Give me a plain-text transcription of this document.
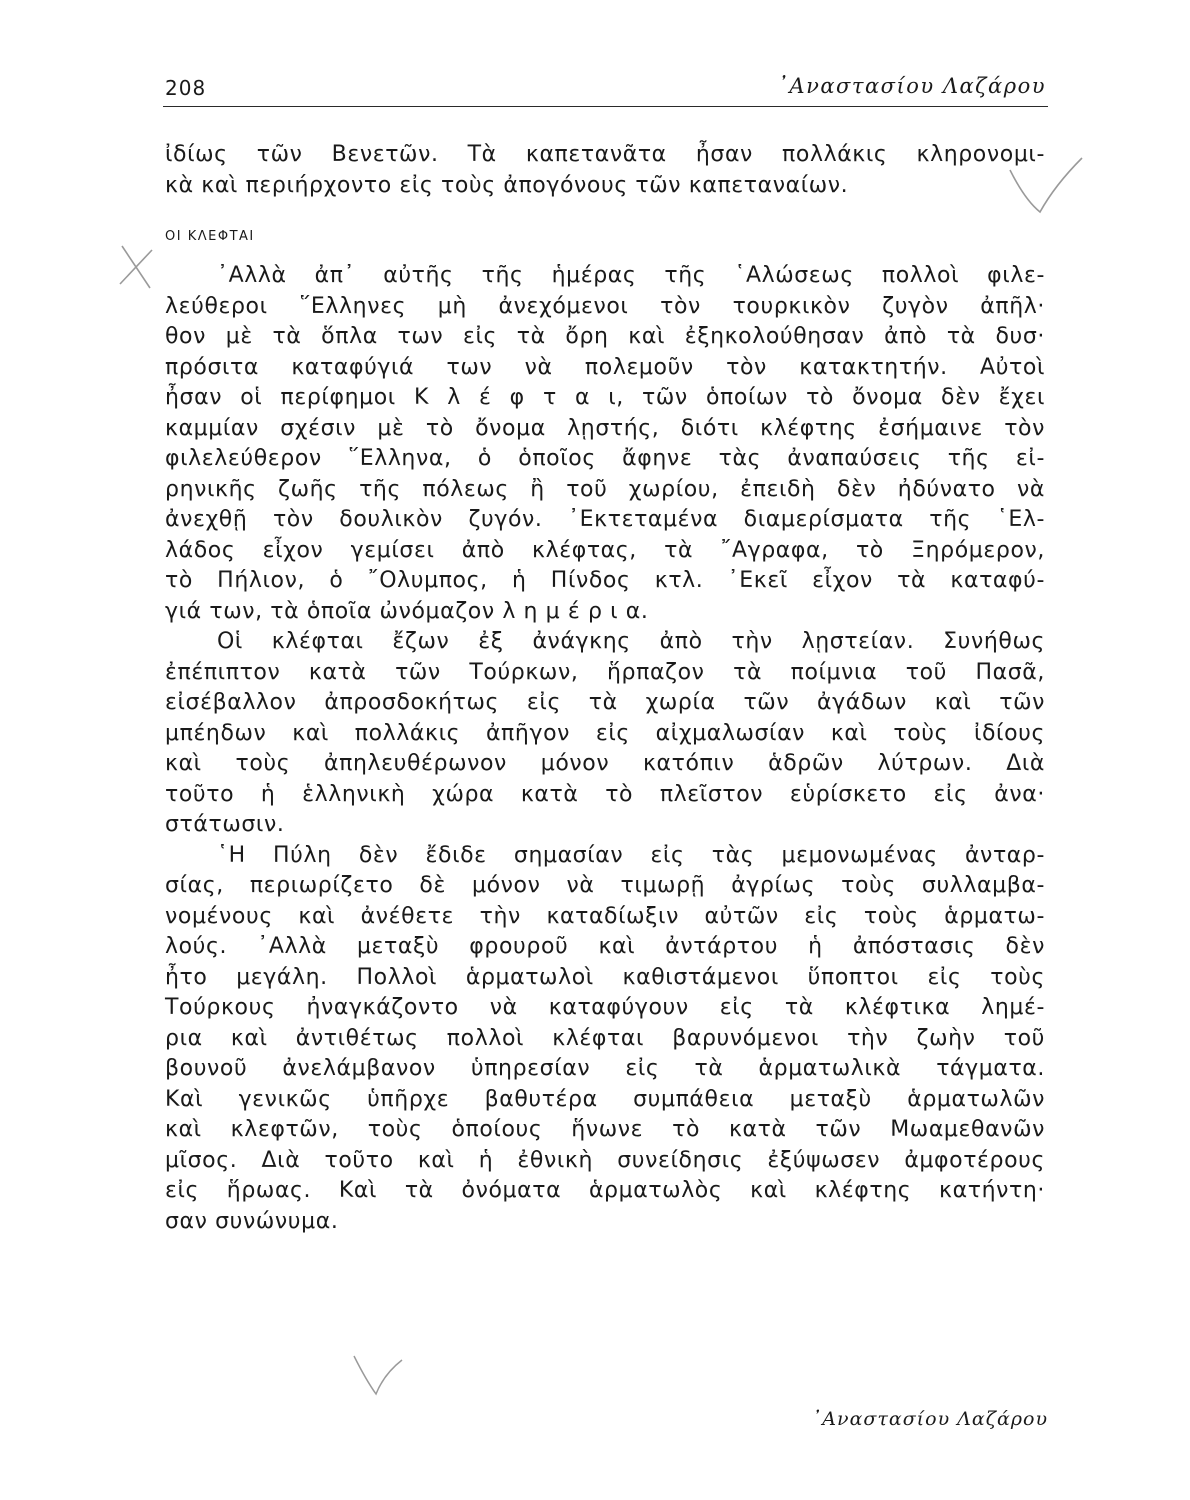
208	᾽Αναστασίου Λαζάρου
ἰδίως τῶν Βενετῶν. Τὰ καπετανᾶτα ἦσαν πολλάκις κληρονομι-
κὰ καὶ περιήρχοντο εἰς τοὺς ἀπογόνους τῶν καπεταναίων.
ΟΙ ΚΛΕΦΤΑΙ
᾽Αλλὰ ἀπ᾽ αὐτῆς τῆς ἡμέρας τῆς ῾Αλώσεως πολλοὶ φιλε-
λεύθεροι ῞Ελληνες μὴ ἀνεχόμενοι τὸν τουρκικὸν ζυγὸν ἀπῆλ·
θον μὲ τὰ ὅπλα των εἰς τὰ ὄρη καὶ ἐξηκολούθησαν ἀπὸ τὰ δυσ·
πρόσιτα καταφύγιά των νὰ πολεμοῦν τὸν κατακτητήν. Αὐτοὶ
ἦσαν οἱ περίφημοι Κ λ έ φ τ α ι, τῶν ὁποίων τὸ ὄνομα δὲν ἔχει
καμμίαν σχέσιν μὲ τὸ ὄνομα λῃστής, διότι κλέφτης ἐσήμαινε τὸν
φιλελεύθερον ῞Ελληνα, ὁ ὁποῖος ἄφηνε τὰς ἀναπαύσεις τῆς εἰ-
ρηνικῆς ζωῆς τῆς πόλεως ἢ τοῦ χωρίου, ἐπειδὴ δὲν ἠδύνατο νὰ
ἀνεχθῇ τὸν δουλικὸν ζυγόν. ᾽Εκτεταμένα διαμερίσματα τῆς ῾Ελ-
λάδος εἶχον γεμίσει ἀπὸ κλέφτας, τὰ ῎Αγραφα, τὸ Ξηρόμερον,
τὸ Πήλιον, ὁ ῎Ολυμπος, ἡ Πίνδος κτλ. ᾽Εκεῖ εἶχον τὰ καταφύ-
γιά των, τὰ ὁποῖα ὠνόμαζον λ η μ έ ρ ι α.
Οἱ κλέφται ἔζων ἐξ ἀνάγκης ἀπὸ τὴν λῃστείαν. Συνήθως
ἐπέπιπτον κατὰ τῶν Τούρκων, ἥρπαζον τὰ ποίμνια τοῦ Πασᾶ,
εἰσέβαλλον ἀπροσδοκήτως εἰς τὰ χωρία τῶν ἀγάδων καὶ τῶν
μπέηδων καὶ πολλάκις ἀπῆγον εἰς αἰχμαλωσίαν καὶ τοὺς ἰδίους
καὶ τοὺς ἀπηλευθέρωνον μόνον κατόπιν ἁδρῶν λύτρων. Διὰ
τοῦτο ἡ ἑλληνικὴ χώρα κατὰ τὸ πλεῖστον εὑρίσκετο εἰς ἀνα·
στάτωσιν.
῾Η Πύλη δὲν ἔδιδε σημασίαν εἰς τὰς μεμονωμένας ἀνταρ-
σίας, περιωρίζετο δὲ μόνον νὰ τιμωρῇ ἀγρίως τοὺς συλλαμβα-
νομένους καὶ ἀνέθετε τὴν καταδίωξιν αὐτῶν εἰς τοὺς ἁρματω-
λούς. ᾽Αλλὰ μεταξὺ φρουροῦ καὶ ἀντάρτου ἡ ἀπόστασις δὲν
ἦτο μεγάλη. Πολλοὶ ἁρματωλοὶ καθιστάμενοι ὕποπτοι εἰς τοὺς
Τούρκους ἠναγκάζοντο νὰ καταφύγουν εἰς τὰ κλέφτικα λημέ-
ρια καὶ ἀντιθέτως πολλοὶ κλέφται βαρυνόμενοι τὴν ζωὴν τοῦ
βουνοῦ ἀνελάμβανον ὑπηρεσίαν εἰς τὰ ἁρματωλικὰ τάγματα.
Καὶ γενικῶς ὑπῆρχε βαθυτέρα συμπάθεια μεταξὺ ἁρματωλῶν
καὶ κλεφτῶν, τοὺς ὁποίους ἥνωνε τὸ κατὰ τῶν Μωαμεθανῶν
μῖσος. Διὰ τοῦτο καὶ ἡ ἐθνικὴ συνείδησις ἐξύψωσεν ἀμφοτέρους
εἰς ἥρωας. Καὶ τὰ ὀνόματα ἁρματωλὸς καὶ κλέφτης κατήντη·
σαν συνώνυμα.
᾽Αναστασίου Λαζάρου
